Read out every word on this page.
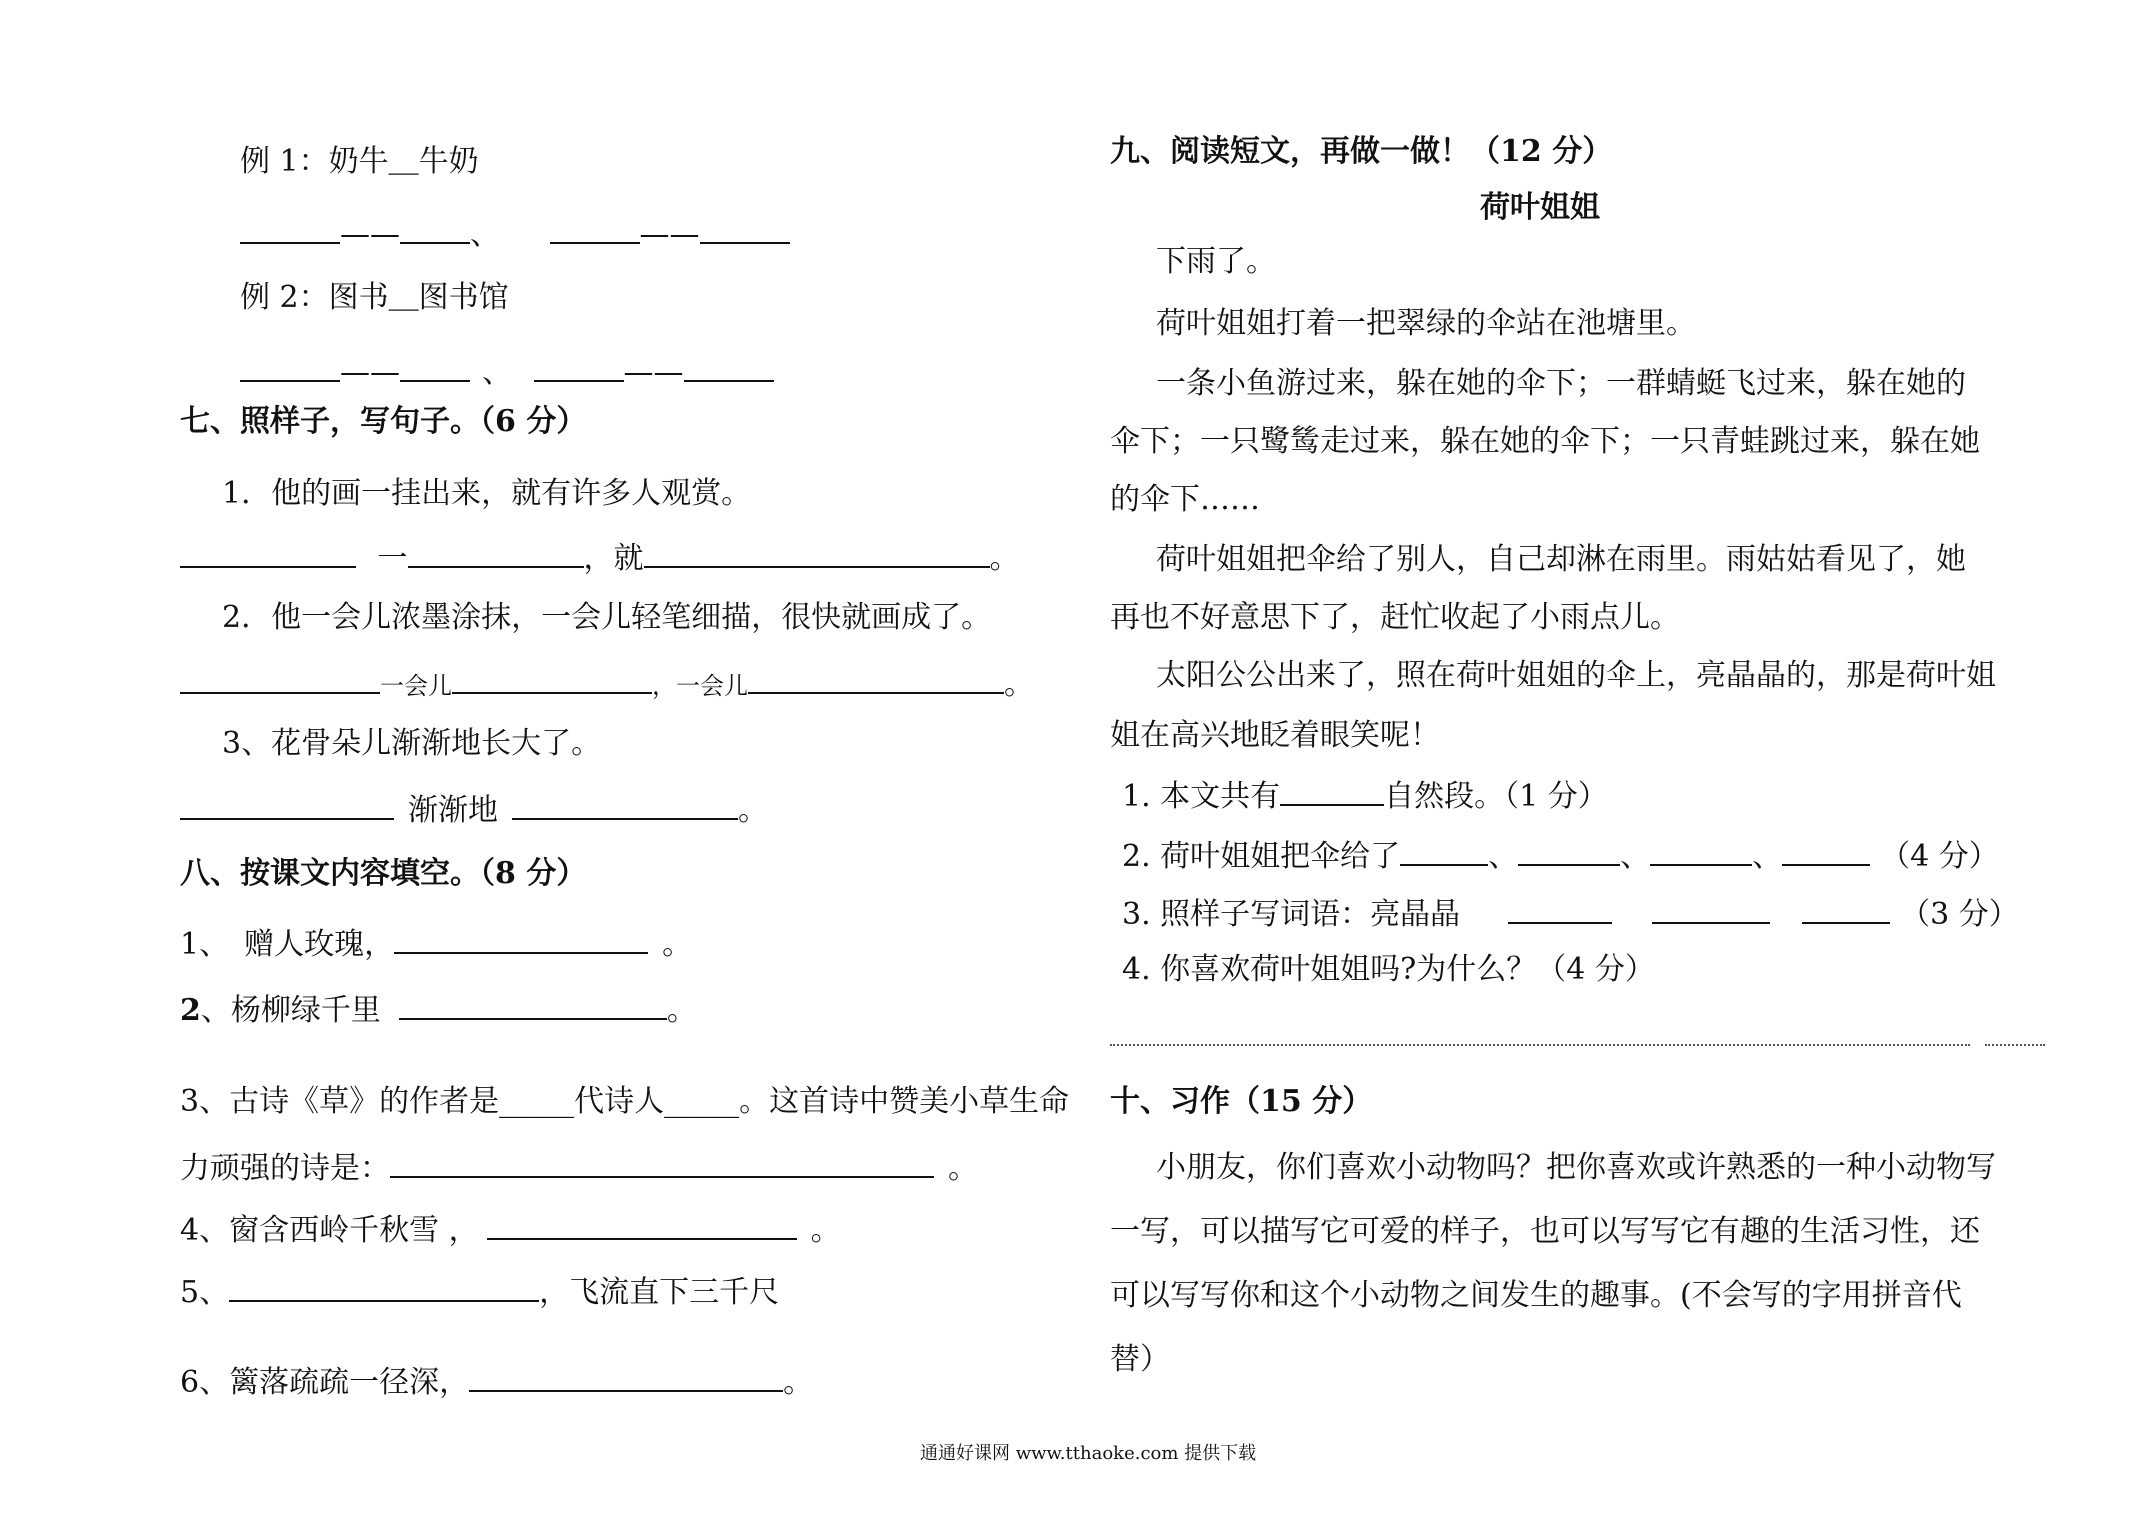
例 1：奶牛＿牛奶
—— 、	——
例 2：图书＿图书馆
——	、	——
七、照样子，写句子。（6 分）
1．他的画一挂出来，就有许多人观赏。
一	，就	。
2．他一会儿浓墨涂抹，一会儿轻笔细描，很快就画成了。
一会儿	，一会儿	。
3、花骨朵儿渐渐地长大了。
渐渐地	。
八、按课文内容填空。（8 分）
1、　赠人玫瑰，	。
2、杨柳绿千里	。
3、古诗《草》的作者是_____代诗人_____。这首诗中赞美小草生命
力顽强的诗是：	。
4、窗含西岭千秋雪 ，	。
5、	，飞流直下三千尺
6、篱落疏疏一径深，	。
九、阅读短文，再做一做！（12 分）
荷叶姐姐
下雨了。
荷叶姐姐打着一把翠绿的伞站在池塘里。
一条小鱼游过来，躲在她的伞下；一群蜻蜓飞过来，躲在她的
伞下；一只鹭鸶走过来，躲在她的伞下；一只青蛙跳过来，躲在她
的伞下……
荷叶姐姐把伞给了别人，自己却淋在雨里。雨姑姑看见了，她
再也不好意思下了，赶忙收起了小雨点儿。
太阳公公出来了，照在荷叶姐姐的伞上，亮晶晶的，那是荷叶姐
姐在高兴地眨着眼笑呢！
1. 本文共有	自然段。（1 分）
2. 荷叶姐姐把伞给了	、	、	、	（4 分）
3. 照样子写词语：亮晶晶	（3 分）
4. 你喜欢荷叶姐姐吗?为什么？（4 分）
十、习作（15 分）
小朋友，你们喜欢小动物吗？把你喜欢或许熟悉的一种小动物写
一写，可以描写它可爱的样子，也可以写写它有趣的生活习性，还
可以写写你和这个小动物之间发生的趣事。(不会写的字用拼音代
替）
通通好课网 www.tthaoke.com 提供下载
